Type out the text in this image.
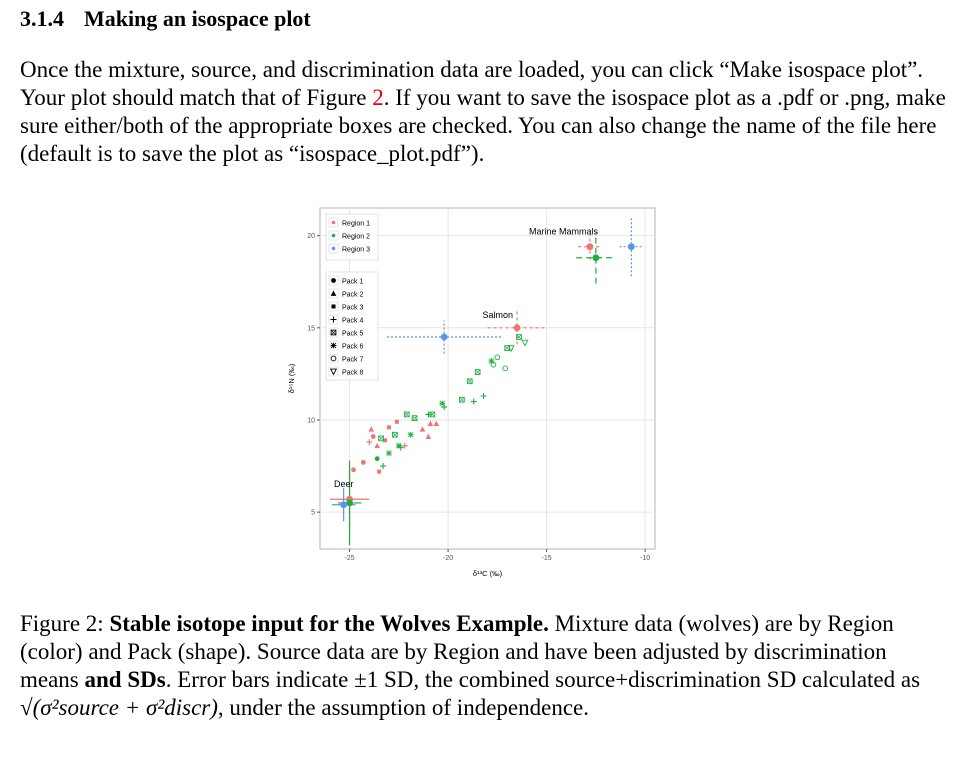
3.1.4 Making an isospace plot
Once the mixture, source, and discrimination data are loaded, you can click “Make isospace plot”. Your plot should match that of Figure 2. If you want to save the isospace plot as a .pdf or .png, make sure either/both of the appropriate boxes are checked. You can also change the name of the file here (default is to save the plot as “isospace_plot.pdf”).
-25	-20	-15	-10
5
10
15
20
δ¹³C (‰)
δ¹⁵N (‰)
Deer
Salmon
Marine Mammals
Region 1
Region 2
Region 3
Pack 1
Pack 2
Pack 3
Pack 4
Pack 5
Pack 6
Pack 7
Pack 8
Figure 2: Stable isotope input for the Wolves Example. Mixture data (wolves) are by Region (color) and Pack (shape). Source data are by Region and have been adjusted by discrimination means and SDs. Error bars indicate ±1 SD, the combined source+discrimination SD calculated as √(σ²source + σ²discr), under the assumption of independence.
